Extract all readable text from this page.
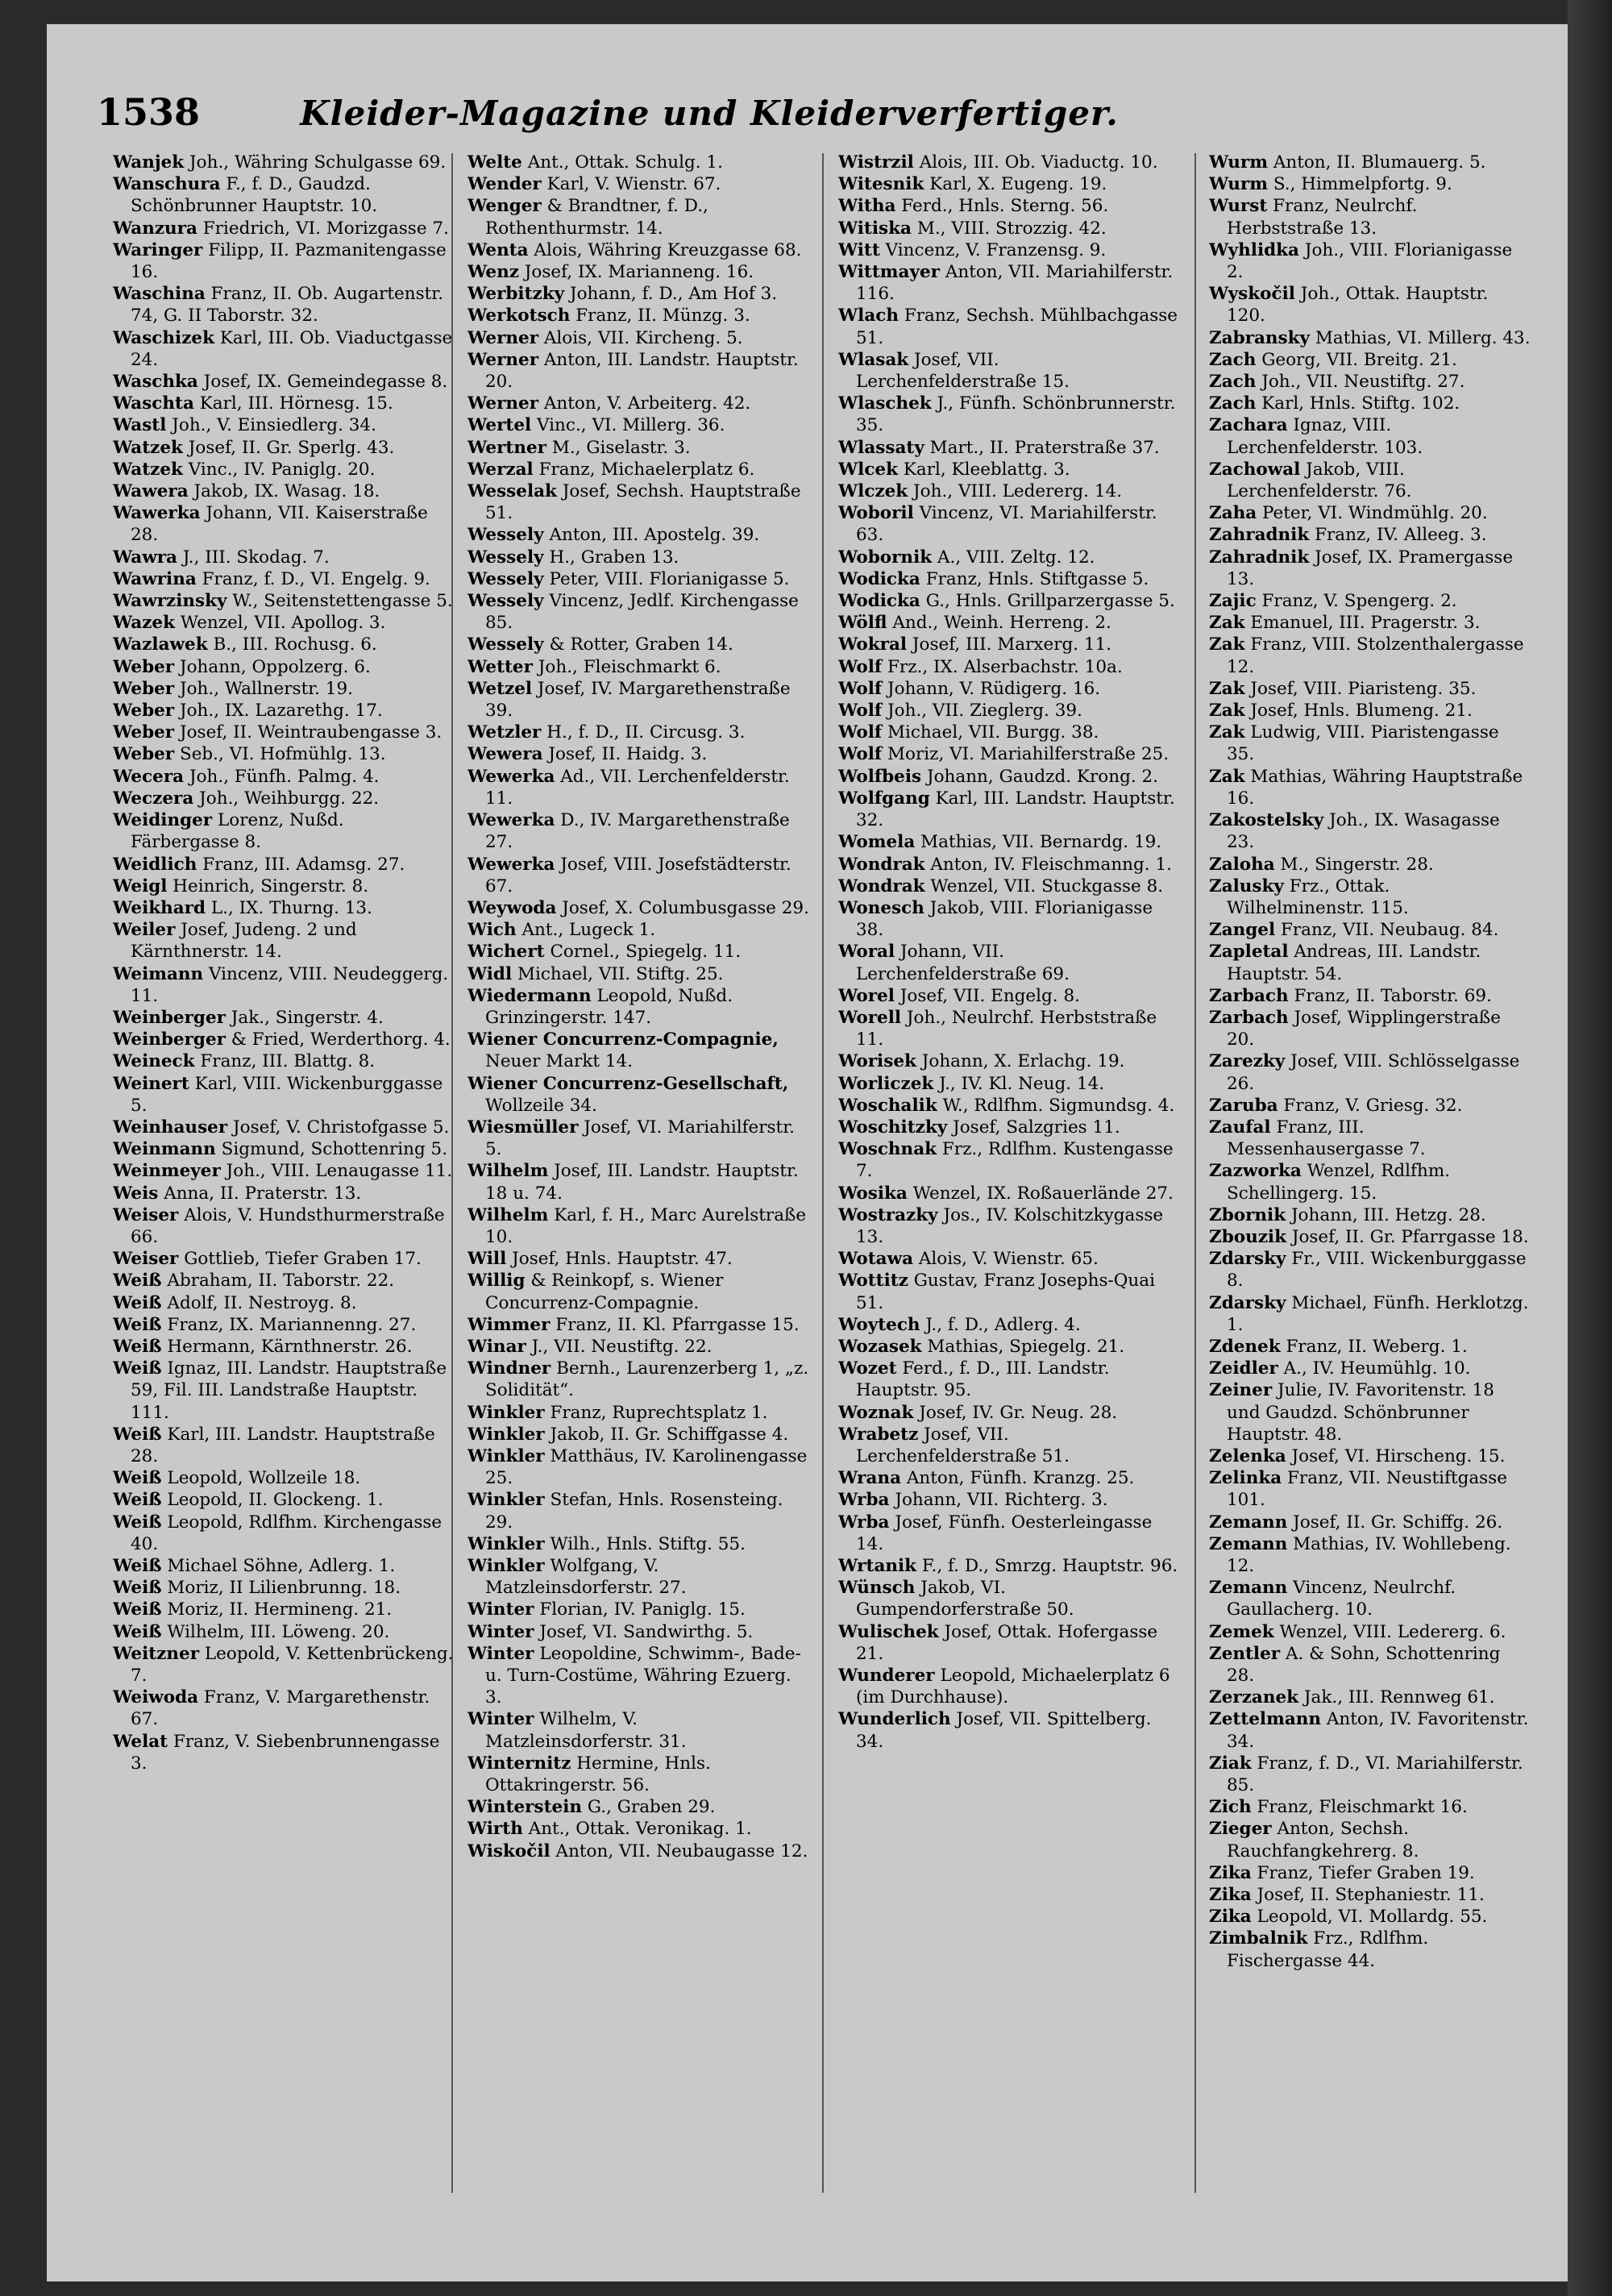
1538	Kleider-Magazine und Kleiderverfertiger.
Wanjek Joh., Währing Schulgasse 69.
Wanschura F., f. D., Gaudzd. Schönbrunner Hauptstr. 10.
Wanzura Friedrich, VI. Morizgasse 7.
Waringer Filipp, II. Pazmanitengasse 16.
Waschina Franz, II. Ob. Augartenstr. 74, G. II Taborstr. 32.
Waschizek Karl, III. Ob. Viaductgasse 24.
Waschka Josef, IX. Gemeindegasse 8.
Waschta Karl, III. Hörnesg. 15.
Wastl Joh., V. Einsiedlerg. 34.
Watzek Josef, II. Gr. Sperlg. 43.
Watzek Vinc., IV. Paniglg. 20.
Wawera Jakob, IX. Wasag. 18.
Wawerka Johann, VII. Kaiserstraße 28.
Wawra J., III. Skodag. 7.
Wawrina Franz, f. D., VI. Engelg. 9.
Wawrzinsky W., Seitenstettengasse 5.
Wazek Wenzel, VII. Apollog. 3.
Wazlawek B., III. Rochusg. 6.
Weber Johann, Oppolzerg. 6.
Weber Joh., Wallnerstr. 19.
Weber Joh., IX. Lazarethg. 17.
Weber Josef, II. Weintraubengasse 3.
Weber Seb., VI. Hofmühlg. 13.
Wecera Joh., Fünfh. Palmg. 4.
Weczera Joh., Weihburgg. 22.
Weidinger Lorenz, Nußd. Färbergasse 8.
Weidlich Franz, III. Adamsg. 27.
Weigl Heinrich, Singerstr. 8.
Weikhard L., IX. Thurng. 13.
Weiler Josef, Judeng. 2 und Kärnthnerstr. 14.
Weimann Vincenz, VIII. Neudeggerg. 11.
Weinberger Jak., Singerstr. 4.
Weinberger & Fried, Werderthorg. 4.
Weineck Franz, III. Blattg. 8.
Weinert Karl, VIII. Wickenburggasse 5.
Weinhauser Josef, V. Christofgasse 5.
Weinmann Sigmund, Schottenring 5.
Weinmeyer Joh., VIII. Lenaugasse 11.
Weis Anna, II. Praterstr. 13.
Weiser Alois, V. Hundsthurmerstraße 66.
Weiser Gottlieb, Tiefer Graben 17.
Weiß Abraham, II. Taborstr. 22.
Weiß Adolf, II. Nestroyg. 8.
Weiß Franz, IX. Mariannenng. 27.
Weiß Hermann, Kärnthnerstr. 26.
Weiß Ignaz, III. Landstr. Hauptstraße 59, Fil. III. Landstraße Hauptstr. 111.
Weiß Karl, III. Landstr. Hauptstraße 28.
Weiß Leopold, Wollzeile 18.
Weiß Leopold, II. Glockeng. 1.
Weiß Leopold, Rdlfhm. Kirchengasse 40.
Weiß Michael Söhne, Adlerg. 1.
Weiß Moriz, II Lilienbrunng. 18.
Weiß Moriz, II. Hermineng. 21.
Weiß Wilhelm, III. Löweng. 20.
Weitzner Leopold, V. Kettenbrückeng. 7.
Weiwoda Franz, V. Margarethenstr. 67.
Welat Franz, V. Siebenbrunnengasse 3.
Welte Ant., Ottak. Schulg. 1.
Wender Karl, V. Wienstr. 67.
Wenger & Brandtner, f. D., Rothenthurmstr. 14.
Wenta Alois, Währing Kreuzgasse 68.
Wenz Josef, IX. Marianneng. 16.
Werbitzky Johann, f. D., Am Hof 3.
Werkotsch Franz, II. Münzg. 3.
Werner Alois, VII. Kircheng. 5.
Werner Anton, III. Landstr. Hauptstr. 20.
Werner Anton, V. Arbeiterg. 42.
Wertel Vinc., VI. Millerg. 36.
Wertner M., Giselastr. 3.
Werzal Franz, Michaelerplatz 6.
Wesselak Josef, Sechsh. Hauptstraße 51.
Wessely Anton, III. Apostelg. 39.
Wessely H., Graben 13.
Wessely Peter, VIII. Florianigasse 5.
Wessely Vincenz, Jedlf. Kirchengasse 85.
Wessely & Rotter, Graben 14.
Wetter Joh., Fleischmarkt 6.
Wetzel Josef, IV. Margarethenstraße 39.
Wetzler H., f. D., II. Circusg. 3.
Wewera Josef, II. Haidg. 3.
Wewerka Ad., VII. Lerchenfelderstr. 11.
Wewerka D., IV. Margarethenstraße 27.
Wewerka Josef, VIII. Josefstädterstr. 67.
Weywoda Josef, X. Columbusgasse 29.
Wich Ant., Lugeck 1.
Wichert Cornel., Spiegelg. 11.
Widl Michael, VII. Stiftg. 25.
Wiedermann Leopold, Nußd. Grinzingerstr. 147.
Wiener Concurrenz-Compagnie, Neuer Markt 14.
Wiener Concurrenz-Gesellschaft, Wollzeile 34.
Wiesmüller Josef, VI. Mariahilferstr. 5.
Wilhelm Josef, III. Landstr. Hauptstr. 18 u. 74.
Wilhelm Karl, f. H., Marc Aurelstraße 10.
Will Josef, Hnls. Hauptstr. 47.
Willig & Reinkopf, s. Wiener Concurrenz-Compagnie.
Wimmer Franz, II. Kl. Pfarrgasse 15.
Winar J., VII. Neustiftg. 22.
Windner Bernh., Laurenzerberg 1, „z. Solidität“.
Winkler Franz, Ruprechtsplatz 1.
Winkler Jakob, II. Gr. Schiffgasse 4.
Winkler Matthäus, IV. Karolinengasse 25.
Winkler Stefan, Hnls. Rosensteing. 29.
Winkler Wilh., Hnls. Stiftg. 55.
Winkler Wolfgang, V. Matzleinsdorferstr. 27.
Winter Florian, IV. Paniglg. 15.
Winter Josef, VI. Sandwirthg. 5.
Winter Leopoldine, Schwimm-, Bade- u. Turn-Costüme, Währing Ezuerg. 3.
Winter Wilhelm, V. Matzleinsdorferstr. 31.
Winternitz Hermine, Hnls. Ottakringerstr. 56.
Winterstein G., Graben 29.
Wirth Ant., Ottak. Veronikag. 1.
Wiskočil Anton, VII. Neubaugasse 12.
Wistrzil Alois, III. Ob. Viaductg. 10.
Witesnik Karl, X. Eugeng. 19.
Witha Ferd., Hnls. Sterng. 56.
Witiska M., VIII. Strozzig. 42.
Witt Vincenz, V. Franzensg. 9.
Wittmayer Anton, VII. Mariahilferstr. 116.
Wlach Franz, Sechsh. Mühlbachgasse 51.
Wlasak Josef, VII. Lerchenfelderstraße 15.
Wlaschek J., Fünfh. Schönbrunnerstr. 35.
Wlassaty Mart., II. Praterstraße 37.
Wlcek Karl, Kleeblattg. 3.
Wlczek Joh., VIII. Ledererg. 14.
Woboril Vincenz, VI. Mariahilferstr. 63.
Wobornik A., VIII. Zeltg. 12.
Wodicka Franz, Hnls. Stiftgasse 5.
Wodicka G., Hnls. Grillparzergasse 5.
Wölfl And., Weinh. Herreng. 2.
Wokral Josef, III. Marxerg. 11.
Wolf Frz., IX. Alserbachstr. 10a.
Wolf Johann, V. Rüdigerg. 16.
Wolf Joh., VII. Zieglerg. 39.
Wolf Michael, VII. Burgg. 38.
Wolf Moriz, VI. Mariahilferstraße 25.
Wolfbeis Johann, Gaudzd. Krong. 2.
Wolfgang Karl, III. Landstr. Hauptstr. 32.
Womela Mathias, VII. Bernardg. 19.
Wondrak Anton, IV. Fleischmanng. 1.
Wondrak Wenzel, VII. Stuckgasse 8.
Wonesch Jakob, VIII. Florianigasse 38.
Woral Johann, VII. Lerchenfelderstraße 69.
Worel Josef, VII. Engelg. 8.
Worell Joh., Neulrchf. Herbststraße 11.
Worisek Johann, X. Erlachg. 19.
Worliczek J., IV. Kl. Neug. 14.
Woschalik W., Rdlfhm. Sigmundsg. 4.
Woschitzky Josef, Salzgries 11.
Woschnak Frz., Rdlfhm. Kustengasse 7.
Wosika Wenzel, IX. Roßauerlände 27.
Wostrazky Jos., IV. Kolschitzkygasse 13.
Wotawa Alois, V. Wienstr. 65.
Wottitz Gustav, Franz Josephs-Quai 51.
Woytech J., f. D., Adlerg. 4.
Wozasek Mathias, Spiegelg. 21.
Wozet Ferd., f. D., III. Landstr. Hauptstr. 95.
Woznak Josef, IV. Gr. Neug. 28.
Wrabetz Josef, VII. Lerchenfelderstraße 51.
Wrana Anton, Fünfh. Kranzg. 25.
Wrba Johann, VII. Richterg. 3.
Wrba Josef, Fünfh. Oesterleingasse 14.
Wrtanik F., f. D., Smrzg. Hauptstr. 96.
Wünsch Jakob, VI. Gumpendorferstraße 50.
Wulischek Josef, Ottak. Hofergasse 21.
Wunderer Leopold, Michaelerplatz 6 (im Durchhause).
Wunderlich Josef, VII. Spittelberg. 34.
Wurm Anton, II. Blumauerg. 5.
Wurm S., Himmelpfortg. 9.
Wurst Franz, Neulrchf. Herbststraße 13.
Wyhlidka Joh., VIII. Florianigasse 2.
Wyskočil Joh., Ottak. Hauptstr. 120.
Zabransky Mathias, VI. Millerg. 43.
Zach Georg, VII. Breitg. 21.
Zach Joh., VII. Neustiftg. 27.
Zach Karl, Hnls. Stiftg. 102.
Zachara Ignaz, VIII. Lerchenfelderstr. 103.
Zachowal Jakob, VIII. Lerchenfelderstr. 76.
Zaha Peter, VI. Windmühlg. 20.
Zahradnik Franz, IV. Alleeg. 3.
Zahradnik Josef, IX. Pramergasse 13.
Zajic Franz, V. Spengerg. 2.
Zak Emanuel, III. Pragerstr. 3.
Zak Franz, VIII. Stolzenthalergasse 12.
Zak Josef, VIII. Piaristeng. 35.
Zak Josef, Hnls. Blumeng. 21.
Zak Ludwig, VIII. Piaristengasse 35.
Zak Mathias, Währing Hauptstraße 16.
Zakostelsky Joh., IX. Wasagasse 23.
Zaloha M., Singerstr. 28.
Zalusky Frz., Ottak. Wilhelminenstr. 115.
Zangel Franz, VII. Neubaug. 84.
Zapletal Andreas, III. Landstr. Hauptstr. 54.
Zarbach Franz, II. Taborstr. 69.
Zarbach Josef, Wipplingerstraße 20.
Zarezky Josef, VIII. Schlösselgasse 26.
Zaruba Franz, V. Griesg. 32.
Zaufal Franz, III. Messenhausergasse 7.
Zazworka Wenzel, Rdlfhm. Schellingerg. 15.
Zbornik Johann, III. Hetzg. 28.
Zbouzik Josef, II. Gr. Pfarrgasse 18.
Zdarsky Fr., VIII. Wickenburggasse 8.
Zdarsky Michael, Fünfh. Herklotzg. 1.
Zdenek Franz, II. Weberg. 1.
Zeidler A., IV. Heumühlg. 10.
Zeiner Julie, IV. Favoritenstr. 18 und Gaudzd. Schönbrunner Hauptstr. 48.
Zelenka Josef, VI. Hirscheng. 15.
Zelinka Franz, VII. Neustiftgasse 101.
Zemann Josef, II. Gr. Schiffg. 26.
Zemann Mathias, IV. Wohllebeng. 12.
Zemann Vincenz, Neulrchf. Gaullacherg. 10.
Zemek Wenzel, VIII. Ledererg. 6.
Zentler A. & Sohn, Schottenring 28.
Zerzanek Jak., III. Rennweg 61.
Zettelmann Anton, IV. Favoritenstr. 34.
Ziak Franz, f. D., VI. Mariahilferstr. 85.
Zich Franz, Fleischmarkt 16.
Zieger Anton, Sechsh. Rauchfangkehrerg. 8.
Zika Franz, Tiefer Graben 19.
Zika Josef, II. Stephaniestr. 11.
Zika Leopold, VI. Mollardg. 55.
Zimbalnik Frz., Rdlfhm. Fischergasse 44.
